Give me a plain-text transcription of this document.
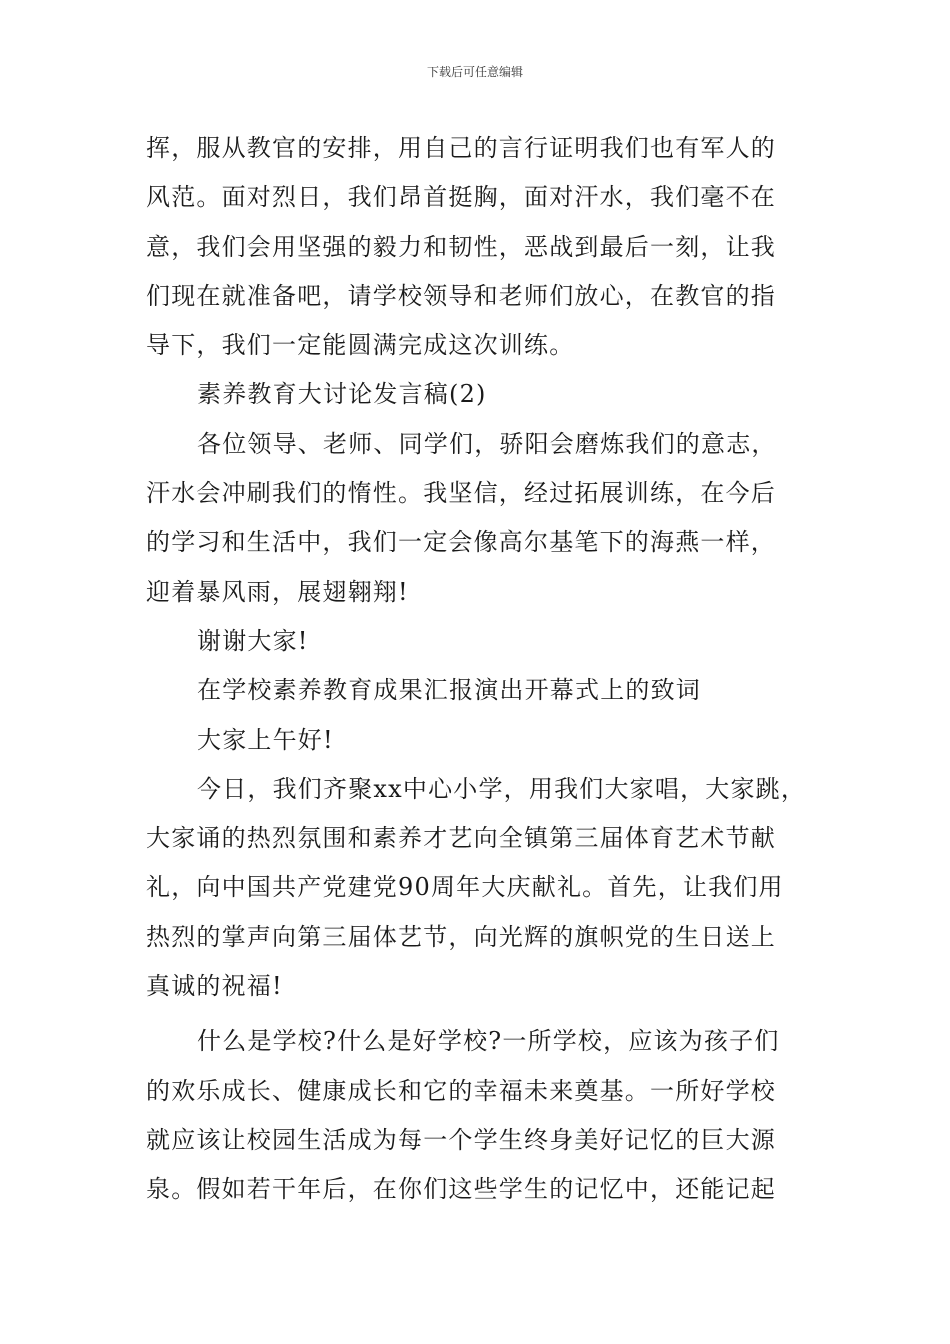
下载后可任意编辑
挥，服从教官的安排，用自己的言行证明我们也有军人的
风范。面对烈日，我们昂首挺胸，面对汗水，我们毫不在
意，我们会用坚强的毅力和韧性，恶战到最后一刻，让我
们现在就准备吧，请学校领导和老师们放心，在教官的指
导下，我们一定能圆满完成这次训练。
素养教育大讨论发言稿(2)
各位领导、老师、同学们，骄阳会磨炼我们的意志，
汗水会冲刷我们的惰性。我坚信，经过拓展训练，在今后
的学习和生活中，我们一定会像高尔基笔下的海燕一样，
迎着暴风雨，展翅翱翔!
谢谢大家!
在学校素养教育成果汇报演出开幕式上的致词
大家上午好!
今日，我们齐聚xx中心小学，用我们大家唱，大家跳，
大家诵的热烈氛围和素养才艺向全镇第三届体育艺术节献
礼，向中国共产党建党90周年大庆献礼。首先，让我们用
热烈的掌声向第三届体艺节，向光辉的旗帜党的生日送上
真诚的祝福!
什么是学校?什么是好学校?一所学校，应该为孩子们
的欢乐成长、健康成长和它的幸福未来奠基。一所好学校
就应该让校园生活成为每一个学生终身美好记忆的巨大源
泉。假如若干年后，在你们这些学生的记忆中，还能记起
